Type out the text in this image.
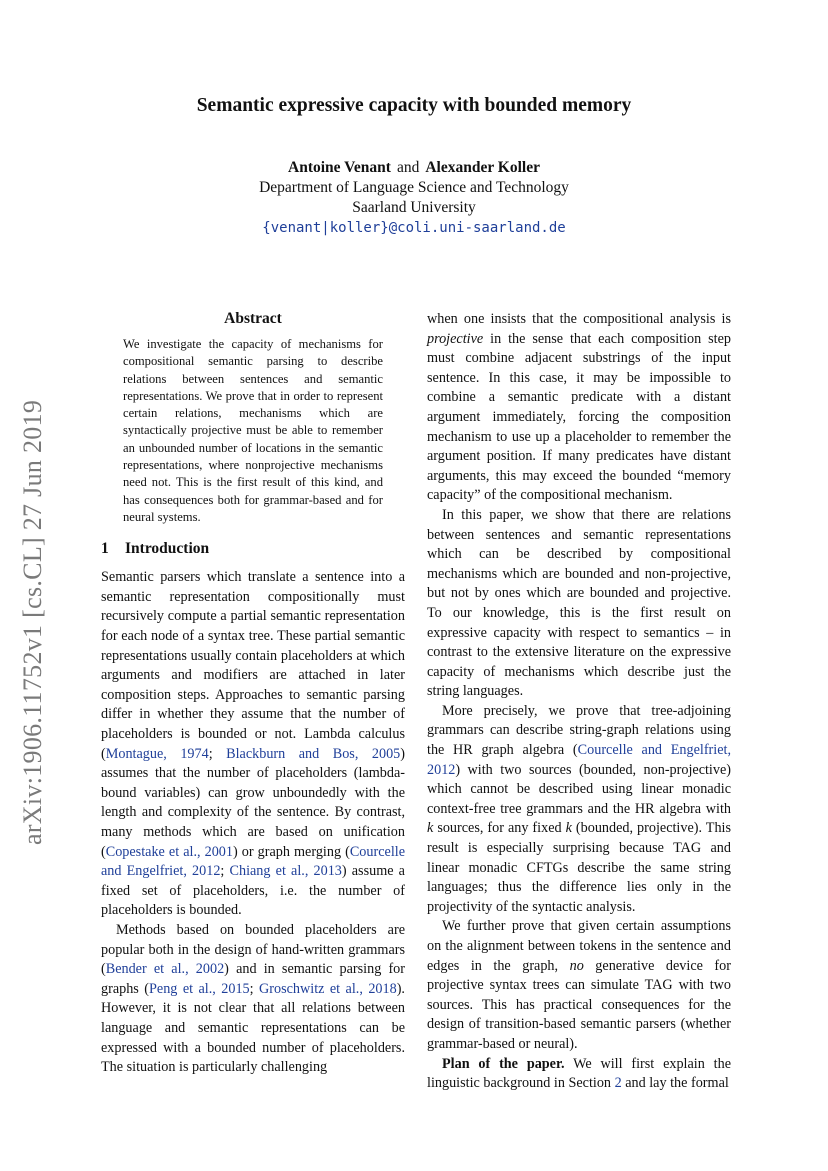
arXiv:1906.11752v1 [cs.CL] 27 Jun 2019
Semantic expressive capacity with bounded memory
Antoine Venant and Alexander Koller
Department of Language Science and Technology
Saarland University
{venant|koller}@coli.uni-saarland.de
Abstract
We investigate the capacity of mechanisms for compositional semantic parsing to describe relations between sentences and semantic representations. We prove that in order to represent certain relations, mechanisms which are syntactically projective must be able to remember an unbounded number of locations in the semantic representations, where nonprojective mechanisms need not. This is the first result of this kind, and has consequences both for grammar-based and for neural systems.
1 Introduction

Semantic parsers which translate a sentence into a semantic representation compositionally must recursively compute a partial semantic representation for each node of a syntax tree. These partial semantic representations usually contain placeholders at which arguments and modifiers are attached in later composition steps. Approaches to semantic parsing differ in whether they assume that the number of placeholders is bounded or not. Lambda calculus (Montague, 1974; Blackburn and Bos, 2005) assumes that the number of placeholders (lambda-bound variables) can grow unboundedly with the length and complexity of the sentence. By contrast, many methods which are based on unification (Copestake et al., 2001) or graph merging (Courcelle and Engelfriet, 2012; Chiang et al., 2013) assume a fixed set of placeholders, i.e. the number of placeholders is bounded.

Methods based on bounded placeholders are popular both in the design of hand-written grammars (Bender et al., 2002) and in semantic parsing for graphs (Peng et al., 2015; Groschwitz et al., 2018). However, it is not clear that all relations between language and semantic representations can be expressed with a bounded number of placeholders. The situation is particularly challenging

when one insists that the compositional analysis is projective in the sense that each composition step must combine adjacent substrings of the input sentence. In this case, it may be impossible to combine a semantic predicate with a distant argument immediately, forcing the composition mechanism to use up a placeholder to remember the argument position. If many predicates have distant arguments, this may exceed the bounded “memory capacity” of the compositional mechanism.

In this paper, we show that there are relations between sentences and semantic representations which can be described by compositional mechanisms which are bounded and non-projective, but not by ones which are bounded and projective. To our knowledge, this is the first result on expressive capacity with respect to semantics – in contrast to the extensive literature on the expressive capacity of mechanisms which describe just the string languages.

More precisely, we prove that tree-adjoining grammars can describe string-graph relations using the HR graph algebra (Courcelle and Engelfriet, 2012) with two sources (bounded, non-projective) which cannot be described using linear monadic context-free tree grammars and the HR algebra with k sources, for any fixed k (bounded, projective). This result is especially surprising because TAG and linear monadic CFTGs describe the same string languages; thus the difference lies only in the projectivity of the syntactic analysis.

We further prove that given certain assumptions on the alignment between tokens in the sentence and edges in the graph, no generative device for projective syntax trees can simulate TAG with two sources. This has practical consequences for the design of transition-based semantic parsers (whether grammar-based or neural).

Plan of the paper. We will first explain the linguistic background in Section 2 and lay the formal
